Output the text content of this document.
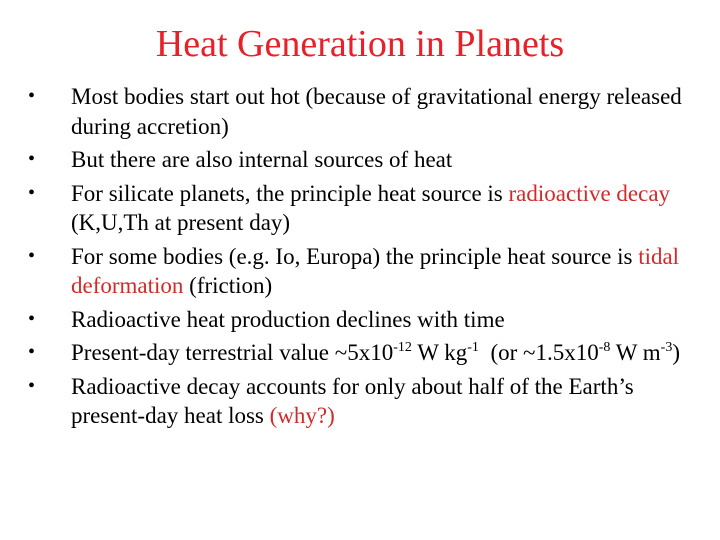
Heat Generation in Planets
• Most bodies start out hot (because of gravitational energy released during accretion)
• But there are also internal sources of heat
• For silicate planets, the principle heat source is radioactive decay (K,U,Th at present day)
• For some bodies (e.g. Io, Europa) the principle heat source is tidal deformation (friction)
• Radioactive heat production declines with time
• Present-day terrestrial value $\sim 5x10^{-12}$ W $kg^{-1}$  (or $\sim 1.5x10^{-8}$ W $m^{-3}$)
• Radioactive decay accounts for only about half of the Earth’s present-day heat loss (why?)
